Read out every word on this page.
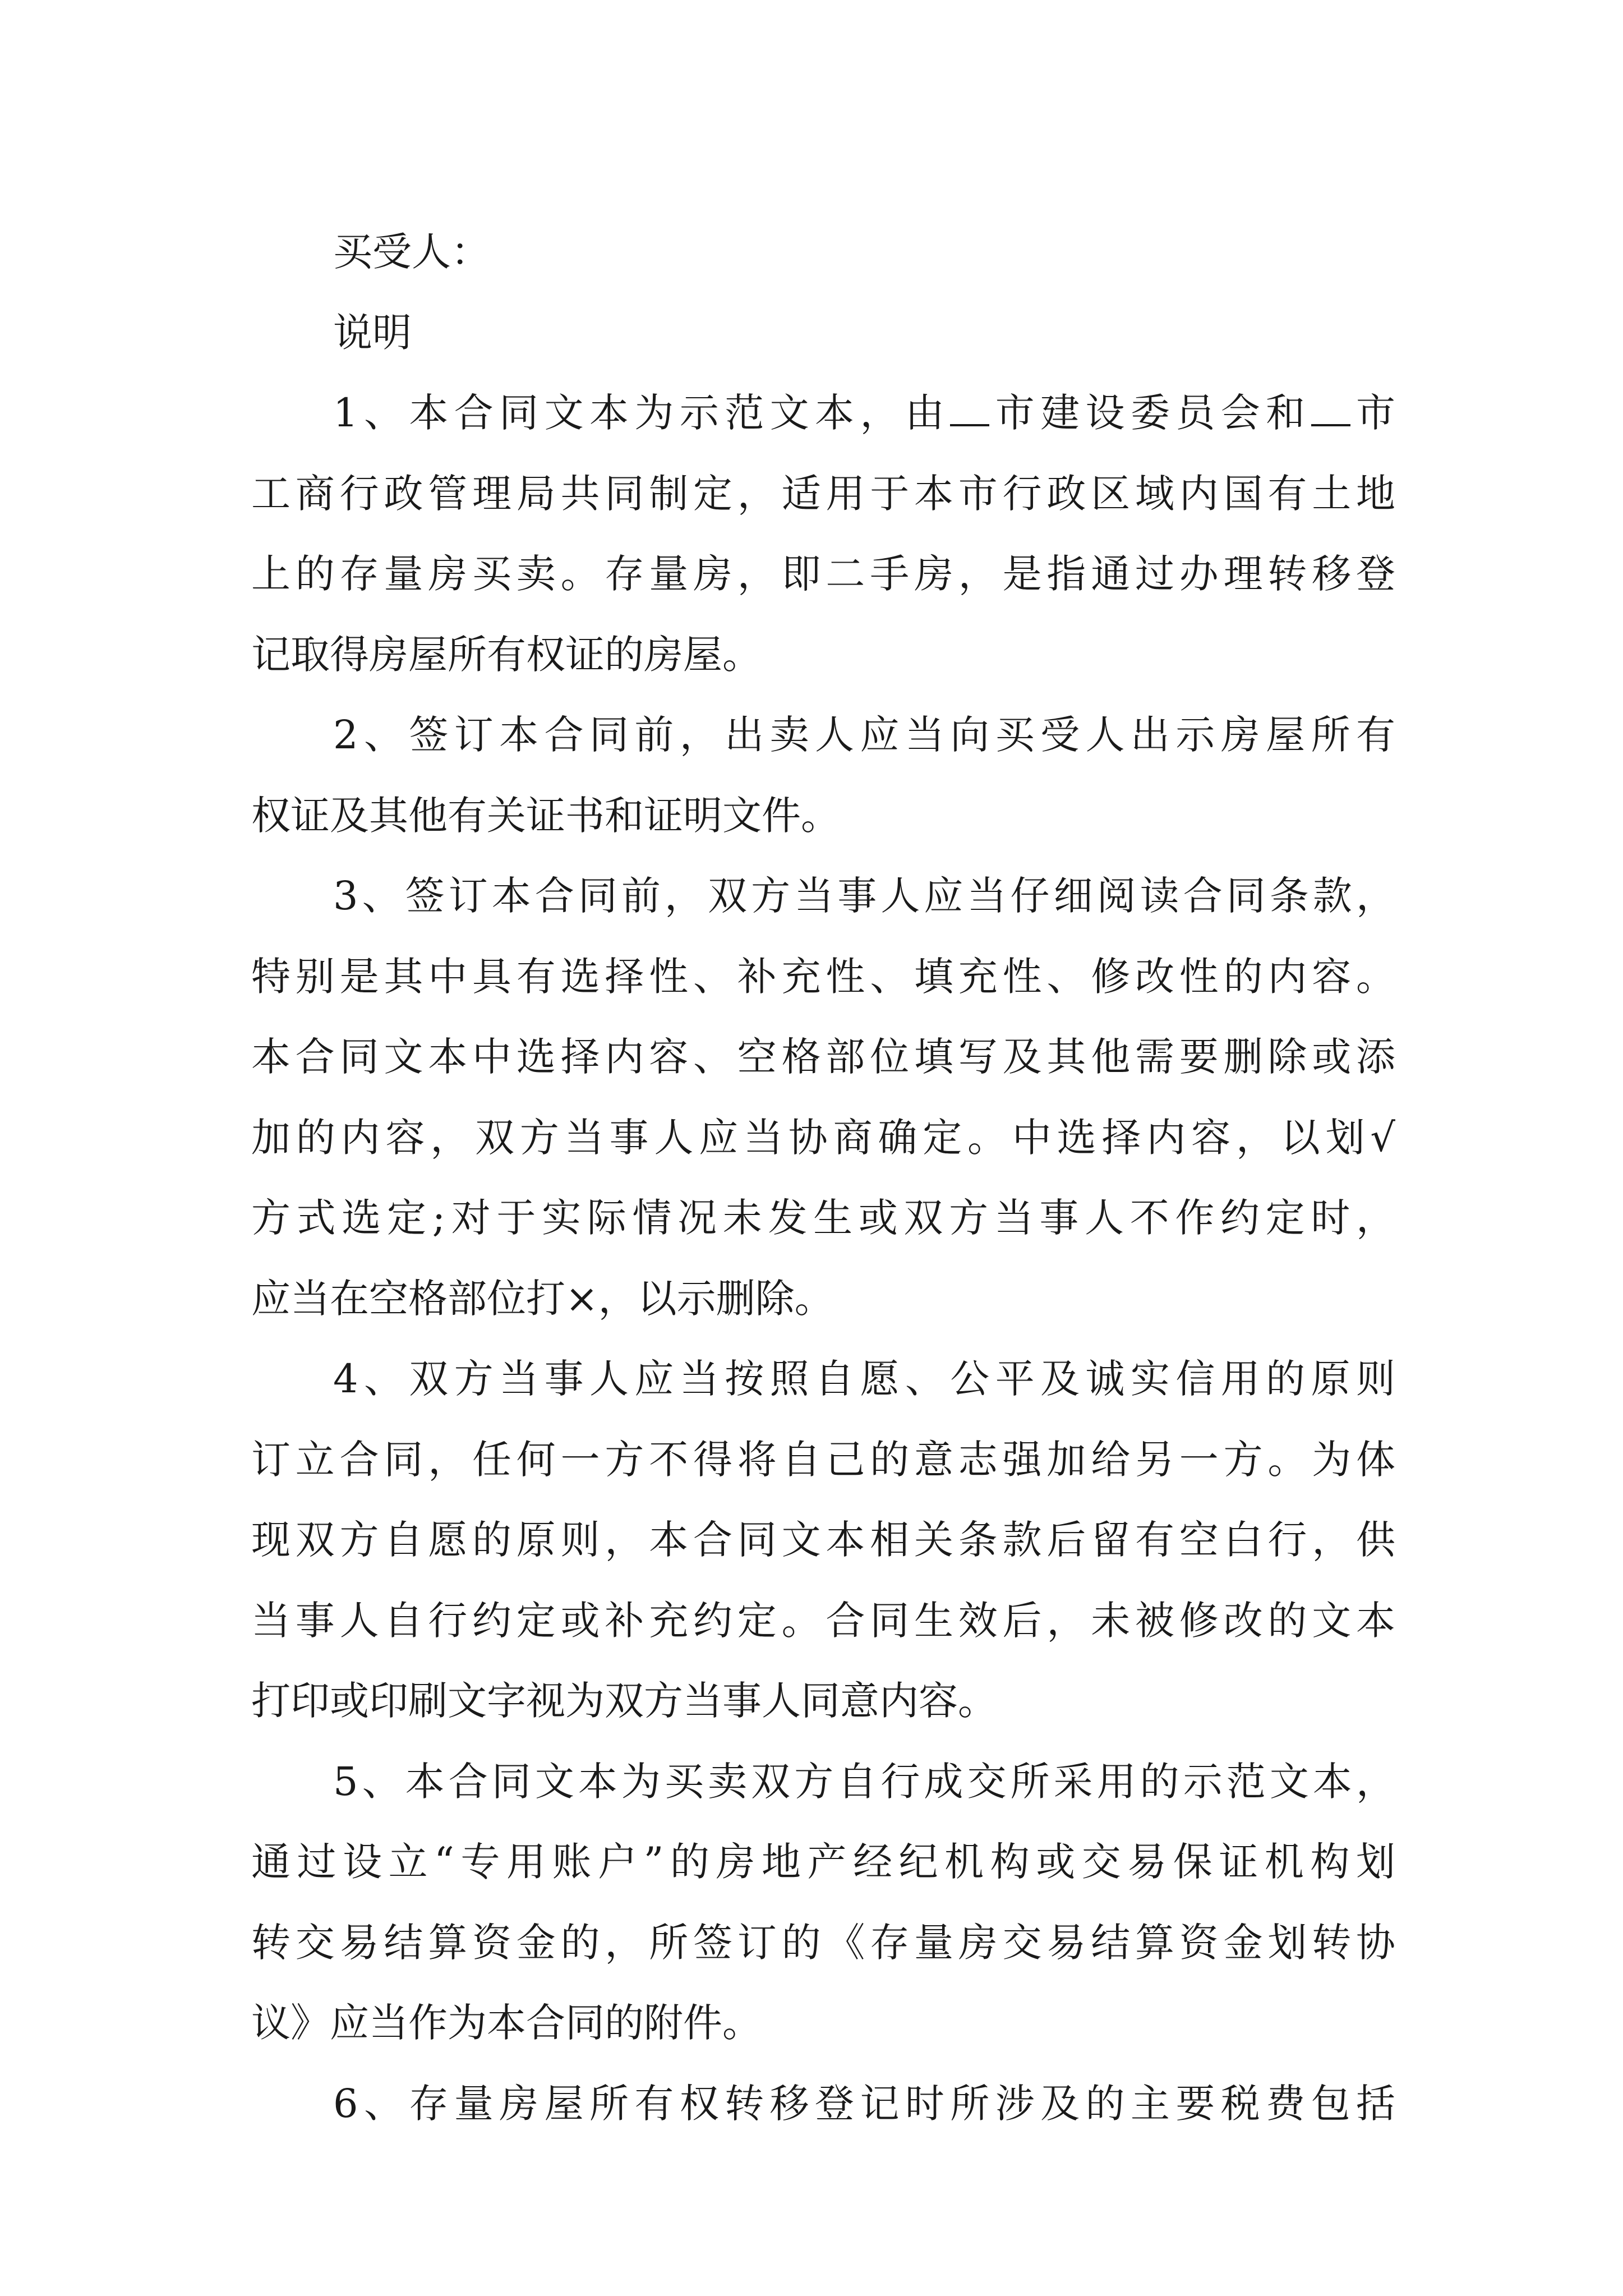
买受人：
说明
1、本合同文本为示范文本，由 市建设委员会和 市
工商行政管理局共同制定，适用于本市行政区域内国有土地
上的存量房买卖。存量房，即二手房，是指通过办理转移登
记取得房屋所有权证的房屋。
2、签订本合同前，出卖人应当向买受人出示房屋所有
权证及其他有关证书和证明文件。
3、签订本合同前，双方当事人应当仔细阅读合同条款，
特别是其中具有选择性、补充性、填充性、修改性的内容。
本合同文本中选择内容、空格部位填写及其他需要删除或添
加的内容，双方当事人应当协商确定。中选择内容，以划√
方式选定;对于实际情况未发生或双方当事人不作约定时，
应当在空格部位打×，以示删除。
4、双方当事人应当按照自愿、公平及诚实信用的原则
订立合同，任何一方不得将自己的意志强加给另一方。为体
现双方自愿的原则，本合同文本相关条款后留有空白行，供
当事人自行约定或补充约定。合同生效后，未被修改的文本
打印或印刷文字视为双方当事人同意内容。
5、本合同文本为买卖双方自行成交所采用的示范文本，
通过设立“专用账户”的房地产经纪机构或交易保证机构划
转交易结算资金的，所签订的《存量房交易结算资金划转协
议》应当作为本合同的附件。
6、存量房屋所有权转移登记时所涉及的主要税费包括
